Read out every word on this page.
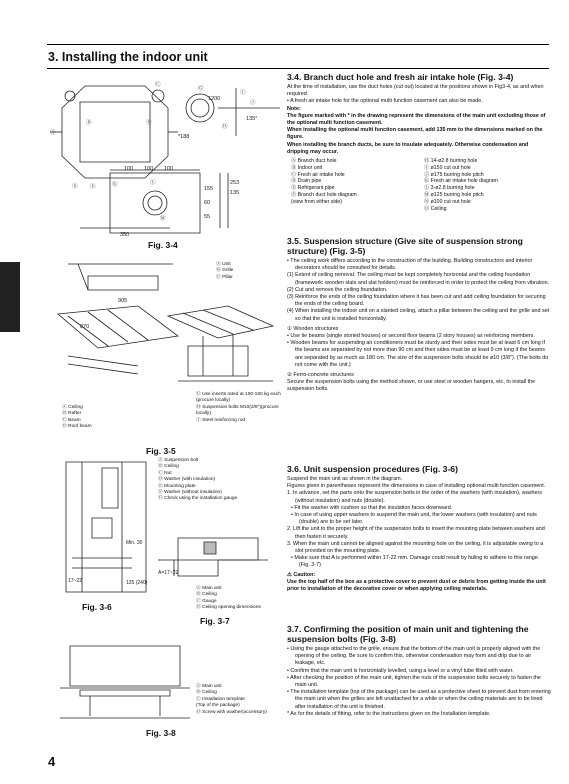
3. Installing the indoor unit
4
Ⓐ
Ⓑ
Ⓒ
Ⓓ Ⓔ
Ⓕ
Ⓖ
Ⓗ
Ⓘ
Ⓙ
Ⓚ	Ⓛ
Ⓜ
100 100 100
1200
135°
*188
155
253
135
55
60
350
Fig. 3-4
905
870
Ⓐ Unit
Ⓑ Grille
Ⓒ Pillar
Ⓖ Use inserts rated at 100-150 kg each
(procure locally)
Ⓗ Suspension bolts M10(3/8")(procure
locally)
Ⓘ Steel reinforcing rod
Ⓐ Ceiling
Ⓑ Rafter
Ⓒ Beam
Ⓓ Roof beam
Fig. 3-5
Min. 30
125 (240)
17~22
Ⓐ Suspension bolt
Ⓑ Ceiling
Ⓒ Nut
Ⓓ Washer (with insulation)
Ⓔ Mounting plate
Ⓕ Washer (without insulation)
Ⓖ Check using the installation gauge
Fig. 3-6
A=17~22
Ⓐ Main unit
Ⓑ Ceiling
Ⓒ Gauge
Ⓓ Ceiling opening dimensions
Fig. 3-7
Ⓐ Main unit
Ⓑ Ceiling
Ⓒ Installation template
(Top of the package)
Ⓓ Screw with washer(accessory)
Fig. 3-8

3.4. Branch duct hole and fresh air intake hole (Fig. 3-4)

At the time of installation, use the duct holes (cut out) located at the positions shown in Fig3-4, as and when required.

• A fresh air intake hole for the optional multi function casement can also be made.

Note:

The figure marked with * in the drawing represent the dimensions of the main unit excluding those of the optional multi function casement.

When installing the optional multi function casement, add 135 mm to the dimensions marked on the figure.

When installing the branch ducts, be sure to insulate adequately. Otherwise condensation and dripping may occur.

Ⓐ Branch duct hole	Ⓗ 14-ø2.8 burring hole
Ⓑ Indoor unit	Ⓘ ø150 cut out hole
Ⓒ Fresh air intake hole	Ⓙ ø175 burring hole pitch
Ⓓ Drain pipe	Ⓚ Fresh air intake hole diagram
Ⓔ Refrigerant pipe	Ⓛ 3-ø2.8 burring hole
Ⓕ Branch duct hole diagram	Ⓜ ø125 burring hole pitch
(view from either side)	Ⓝ ø100 cut out hole
Ⓞ Ceiling

3.5. Suspension structure (Give site of suspension strong structure) (Fig. 3-5)

• The ceiling work differs according to the construction of the building. Building constructors and interior decorators should be consulted for details.

(1) Extent of ceiling removal: The ceiling must be kept completely horizontal and the ceiling foundation (framework: wooden slats and slat holders) must be reinforced in order to protect the ceiling from vibration.

(2) Cut and remove the ceiling foundation.

(3) Reinforce the ends of the ceiling foundation where it has been cut and add ceiling foundation for securing the ends of the ceiling board.

(4) When installing the indoor unit on a slanted ceiling, attach a pillar between the ceiling and the grille and set so that the unit is installed horizontally.

① Wooden structures

• Use tie beams (single storied houses) or second floor beams (2 story houses) as reinforcing members.

• Wooden beams for suspending air conditioners must be sturdy and their sides must be at least 6 cm long if the beams are separated by not more than 90 cm and their sides must be at least 9 cm long if the beams are separated by as much as 180 cm. The size of the suspension bolts should be ø10 (3/8"). (The bolts do not come with the unit.)

② Ferro-concrete structures

Secure the suspension bolts using the method shown, or use steel or wooden hangers, etc, to install the suspension bolts.

3.6. Unit suspension procedures (Fig. 3-6)

Suspend the main unit as shown in the diagram.

Figures given in parentheses represent the dimensions in case of installing optional multi function casement.

1. In advance, set the parts onto the suspension bolts in the order of the washers (with insulation), washers (without insulation) and nuts (double).

• Fit the washer with cushion so that the insulation faces downward.

• In case of using upper washers to suspend the main unit, the lower washers (with insulation) and nuts (double) are to be set later.

2. Lift the unit to the proper height of the suspension bolts to insert the mounting plate between washers and then fasten it securely.

3. When the main unit cannot be aligned against the mounting hole on the ceiling, it is adjustable owing to a slot provided on the mounting plate.

• Make sure that A is performed within 17-22 mm. Damage could result by failing to adhere to this range. (Fig. 3-7)

⚠ Caution:

Use the top half of the box as a protective cover to prevent dust or debris from getting inside the unit prior to installation of the decorative cover or when applying ceiling materials.

3.7. Confirming the position of main unit and tightening the suspension bolts (Fig. 3-8)

• Using the gauge attached to the grille, ensure that the bottom of the main unit is properly aligned with the opening of the ceiling. Be sure to confirm this, otherwise condensation may form and drip due to air leakage, etc.

• Confirm that the main unit is horizontally levelled, using a level or a vinyl tube filled with water.

• After checking the position of the main unit, tighten the nuts of the suspension bolts securely to fasten the main unit.

• The installation template (top of the package) can be used as a protective sheet to prevent dust from entering the main unit when the grilles are left unattached for a while or when the ceiling materials are to be lined after installation of the unit is finished.

* As for the details of fitting, refer to the instructions given on the Installation template.
